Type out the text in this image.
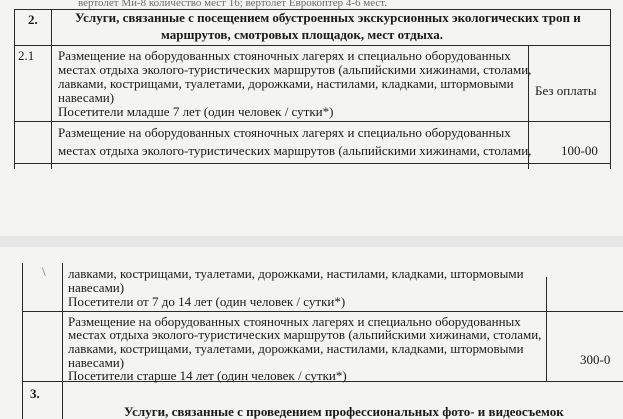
вертолет Ми-8 количество мест 16; вертолет Еврокоптер 4-6 мест.
2.	Услуги, связанные с посещением обустроенных экскурсионных экологических троп и
маршрутов, смотровых площадок, мест отдыха.
2.1 Размещение на оборудованных стояночных лагерях и специально оборудованных
местах отдыха эколого-туристических маршрутов (альпийскими хижинами, столами,
лавками, кострищами, туалетами, дорожками, настилами, кладками, штормовыми
навесами)
Посетители младше 7 лет (один человек / сутки*)
Без оплаты
Размещение на оборудованных стояночных лагерях и специально оборудованных
местах отдыха эколого-туристических маршрутов (альпийскими хижинами, столами, 100-00
\ лавками, кострищами, туалетами, дорожками, настилами, кладками, штормовыми
навесами)
Посетители от 7 до 14 лет (один человек / сутки*)
Размещение на оборудованных стояночных лагерях и специально оборудованных
местах отдыха эколого-туристических маршрутов (альпийскими хижинами, столами,
лавками, кострищами, туалетами, дорожками, настилами, кладками, штормовыми
навесами)
Посетители старше 14 лет (один человек / сутки*)
300-0
3.
Услуги, связанные с проведением профессиональных фото- и видеосъемок
